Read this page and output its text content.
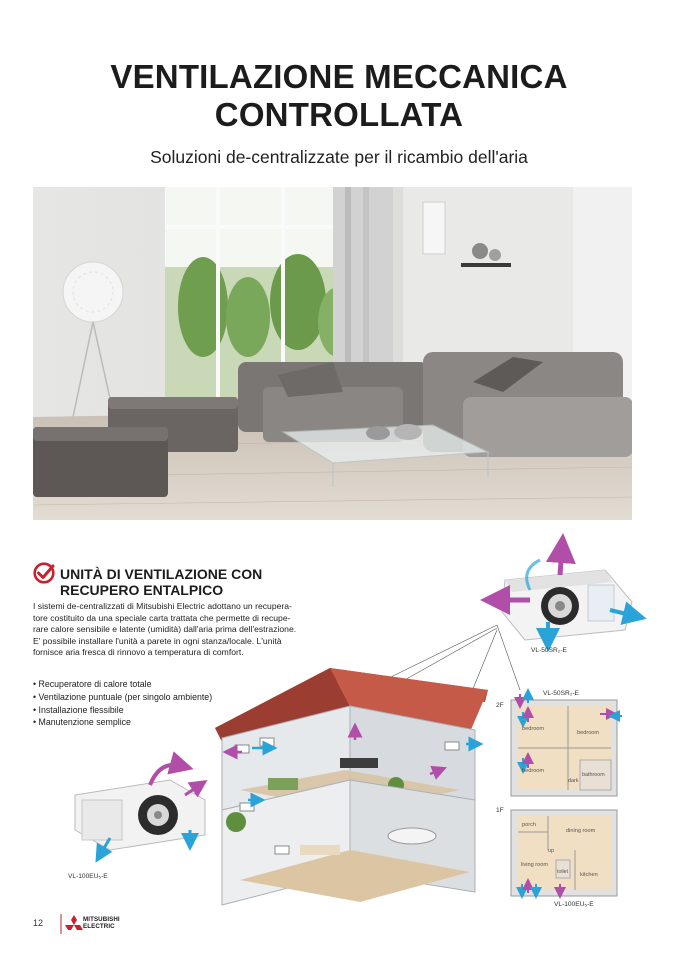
VENTILAZIONE MECCANICA
CONTROLLATA
Soluzioni de-centralizzate per il ricambio dell'aria
UNITÀ DI VENTILAZIONE CON
RECUPERO ENTALPICO
I sistemi de-centralizzati di Mitsubishi Electric adottano un recupera-
tore costituito da una speciale carta trattata che permette di recupe-
rare calore sensibile e latente (umidità) dall'aria prima dell'estrazione.
E' possibile installare l'unità a parete in ogni stanza/locale. L'unità
fornisce aria fresca di rinnovo a temperatura di comfort.
• Recuperatore di calore totale
• Ventilazione puntuale (per singolo ambiente)
• Installazione flessibile
• Manutenzione semplice
VL-50SR₂-E
VL-100EU₅-E
VL-50SR₂-E
2F
bedroom
bedroom
bedroom
bathroom
dark
1F
porch
dining room
up
living room
toilet kitchen
VL-100EU₅-E
12	MITSUBISHI
ELECTRIC
